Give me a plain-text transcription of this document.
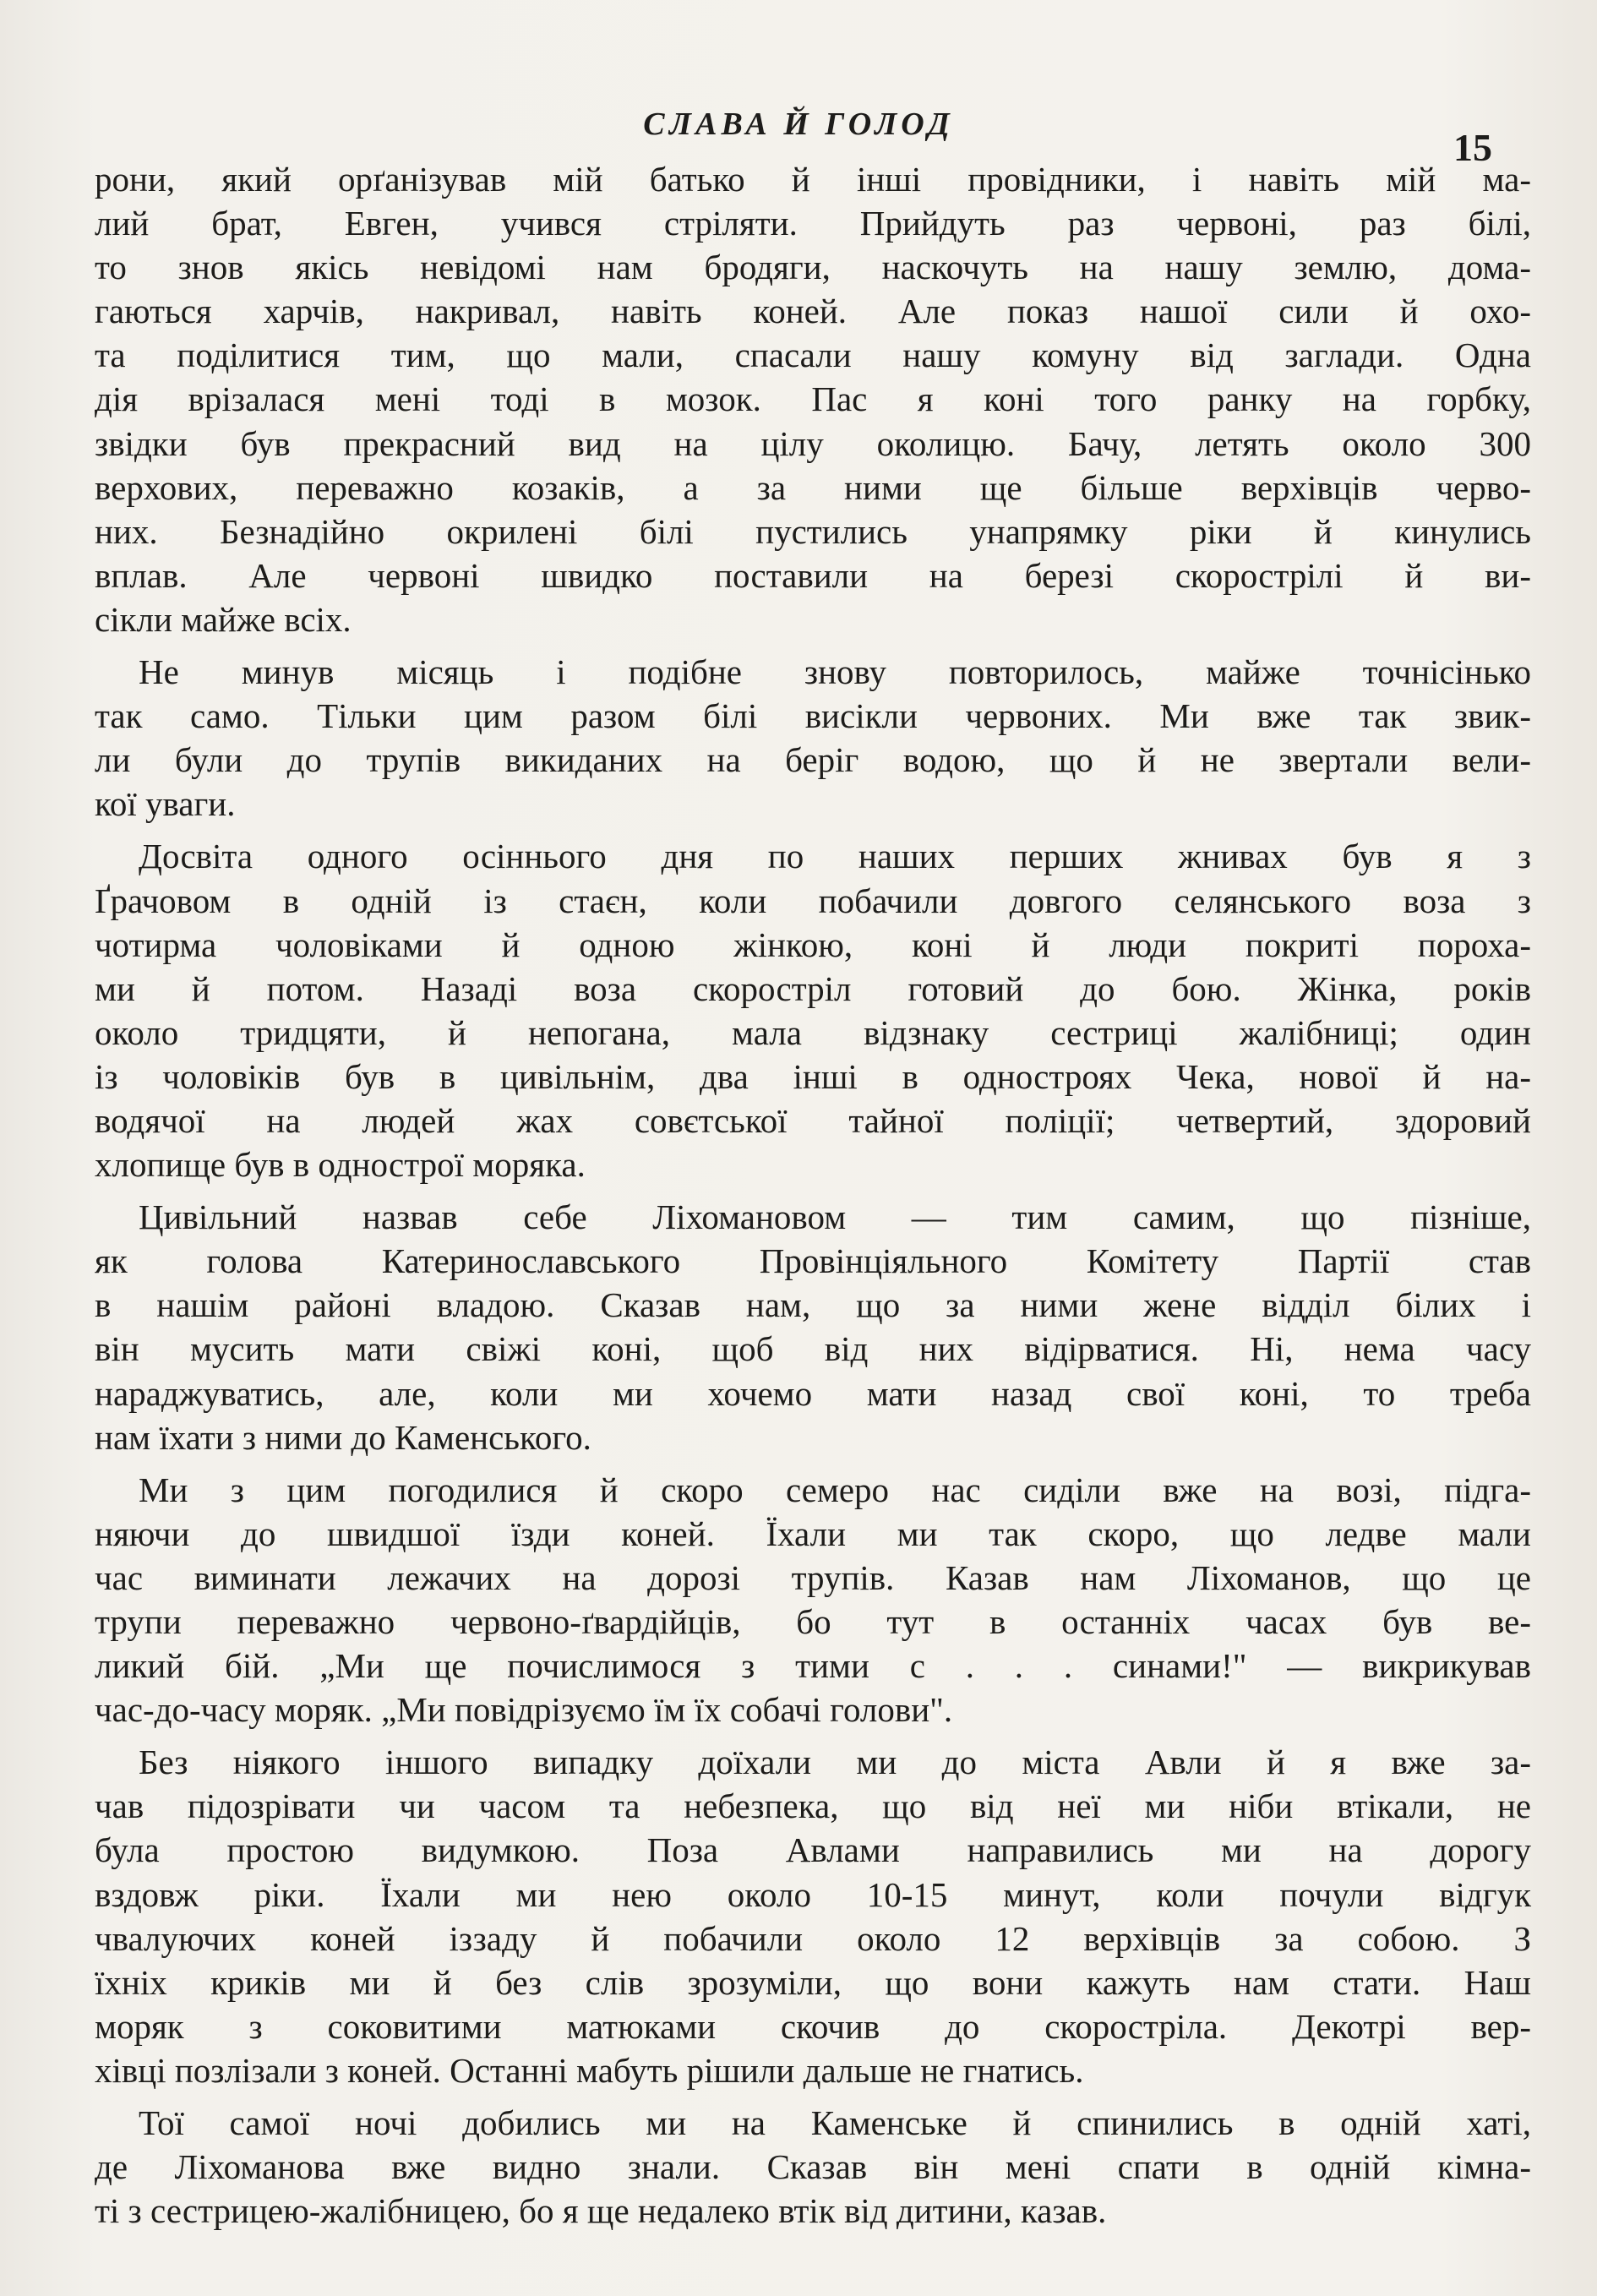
СЛАВА Й ГОЛОД
15
рони, який орґанізував мій батько й інші провідники, і навіть мій ма-
лий брат, Евген, учився стріляти. Прийдуть раз червоні, раз білі,
то знов якісь невідомі нам бродяги, наскочуть на нашу землю, дома-
гаються харчів, накривал, навіть коней. Але показ нашої сили й охо-
та поділитися тим, що мали, спасали нашу комуну від заглади. Одна
дія врізалася мені тоді в мозок. Пас я коні того ранку на горбку,
звідки був прекрасний вид на цілу околицю. Бачу, летять около 300
верхових, переважно козаків, а за ними ще більше верхівців черво-
них. Безнадійно окрилені білі пустились унапрямку ріки й кинулись
вплав. Але червоні швидко поставили на березі скорострілі й ви-
сікли майже всіх.
Не минув місяць і подібне знову повторилось, майже точнісінько
так само. Тільки цим разом білі висікли червоних. Ми вже так звик-
ли були до трупів викиданих на беріг водою, що й не звертали вели-
кої уваги.
Досвіта одного осіннього дня по наших перших жнивах був я з
Ґрачовом в одній із стаєн, коли побачили довгого селянського воза з
чотирма чоловіками й одною жінкою, коні й люди покриті пороха-
ми й потом. Назаді воза скоростріл готовий до бою. Жінка, років
около тридцяти, й непогана, мала відзнаку сестриці жалібниці; один
із чоловіків був в цивільнім, два інші в одностроях Чека, нової й на-
водячої на людей жах совєтської тайної поліції; четвертий, здоровий
хлопище був в однострої моряка.
Цивільний назвав себе Ліхомановом — тим самим, що пізніше,
як голова Катеринославського Провінціяльного Комітету Партії став
в нашім районі владою. Сказав нам, що за ними жене відділ білих і
він мусить мати свіжі коні, щоб від них відірватися. Ні, нема часу
нараджуватись, але, коли ми хочемо мати назад свої коні, то треба
нам їхати з ними до Каменського.
Ми з цим погодилися й скоро семеро нас сиділи вже на возі, підга-
няючи до швидшої їзди коней. Їхали ми так скоро, що ледве мали
час виминати лежачих на дорозі трупів. Казав нам Ліхоманов, що це
трупи переважно червоно-ґвардійців, бо тут в останніх часах був ве-
ликий бій. „Ми ще почислимося з тими с . . . синами!" — викрикував
час-до-часу моряк. „Ми повідрізуємо їм їх собачі голови".
Без ніякого іншого випадку доїхали ми до міста Авли й я вже за-
чав підозрівати чи часом та небезпека, що від неї ми ніби втікали, не
була простою видумкою. Поза Авлами направились ми на дорогу
вздовж ріки. Їхали ми нею около 10-15 минут, коли почули відгук
чвалуючих коней іззаду й побачили около 12 верхівців за собою. З
їхніх криків ми й без слів зрозуміли, що вони кажуть нам стати. Наш
моряк з соковитими матюками скочив до скоростріла. Декотрі вер-
хівці позлізали з коней. Останні мабуть рішили дальше не гнатись.
Тої самої ночі добились ми на Каменське й спинились в одній хаті,
де Ліхоманова вже видно знали. Сказав він мені спати в одній кімна-
ті з сестрицею-жалібницею, бо я ще недалеко втік від дитини, казав.
